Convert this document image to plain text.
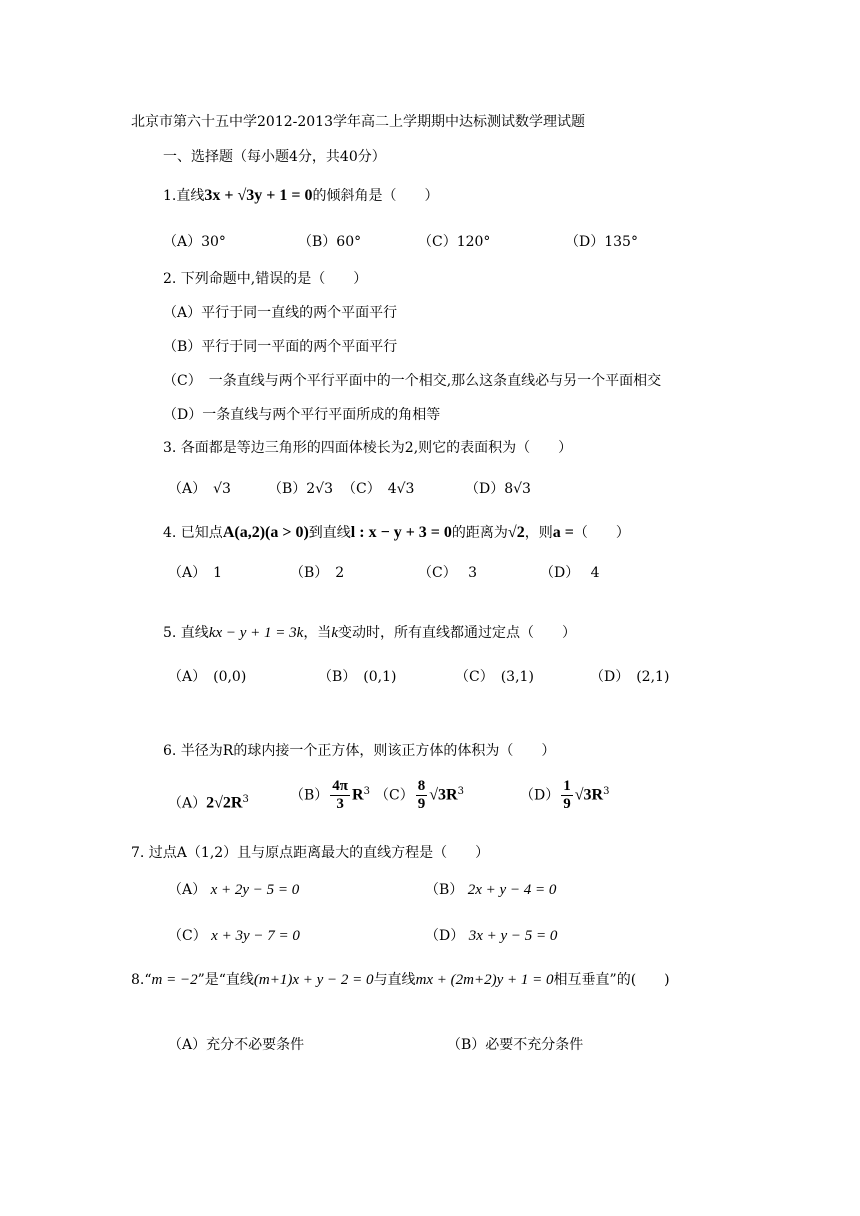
北京市第六十五中学2012-2013学年高二上学期期中达标测试数学理试题
一、选择题（每小题4分，共40分）
1.直线3x + √3y + 1 = 0的倾斜角是（　　）
（A）30°	（B）60°	（C）120°	（D）135°
2. 下列命题中,错误的是（　　）
（A）平行于同一直线的两个平面平行
（B）平行于同一平面的两个平面平行
（C）　一条直线与两个平行平面中的一个相交,那么这条直线必与另一个平面相交
（D）一条直线与两个平行平面所成的角相等
3. 各面都是等边三角形的四面体棱长为2,则它的表面积为（　　）
（A）　√3	（B）2√3 （C）　4√3	（D）8√3
4. 已知点A(a,2)(a > 0)到直线l : x − y + 3 = 0的距离为√2，则a =（　　）
（A）　1	（B）　2	（C）　 3	（D）　 4
5. 直线kx − y + 1 = 3k，当k变动时，所有直线都通过定点（　　）
（A）　(0,0)	（B）　(0,1)	（C）　(3,1)	（D）　(2,1)
6. 半径为R的球内接一个正方体，则该正方体的体积为（　　）
$(A)2√2R^3$	$(B) \frac{4\pi}{3} R^3$ $(C) \frac{8}{9} √3R^3$	$(D) \frac{1}{9} √3R^3$
7. 过点A（1,2）且与原点距离最大的直线方程是（　　）
（A） x + 2y − 5 = 0	（B） 2x + y − 4 = 0
（C） x + 3y − 7 = 0	（D） 3x + y − 5 = 0
8.“m = −2”是“直线(m+1)x + y − 2 = 0与直线mx + (2m+2)y + 1 = 0相互垂直”的(　　)
（A）充分不必要条件	（B）必要不充分条件
